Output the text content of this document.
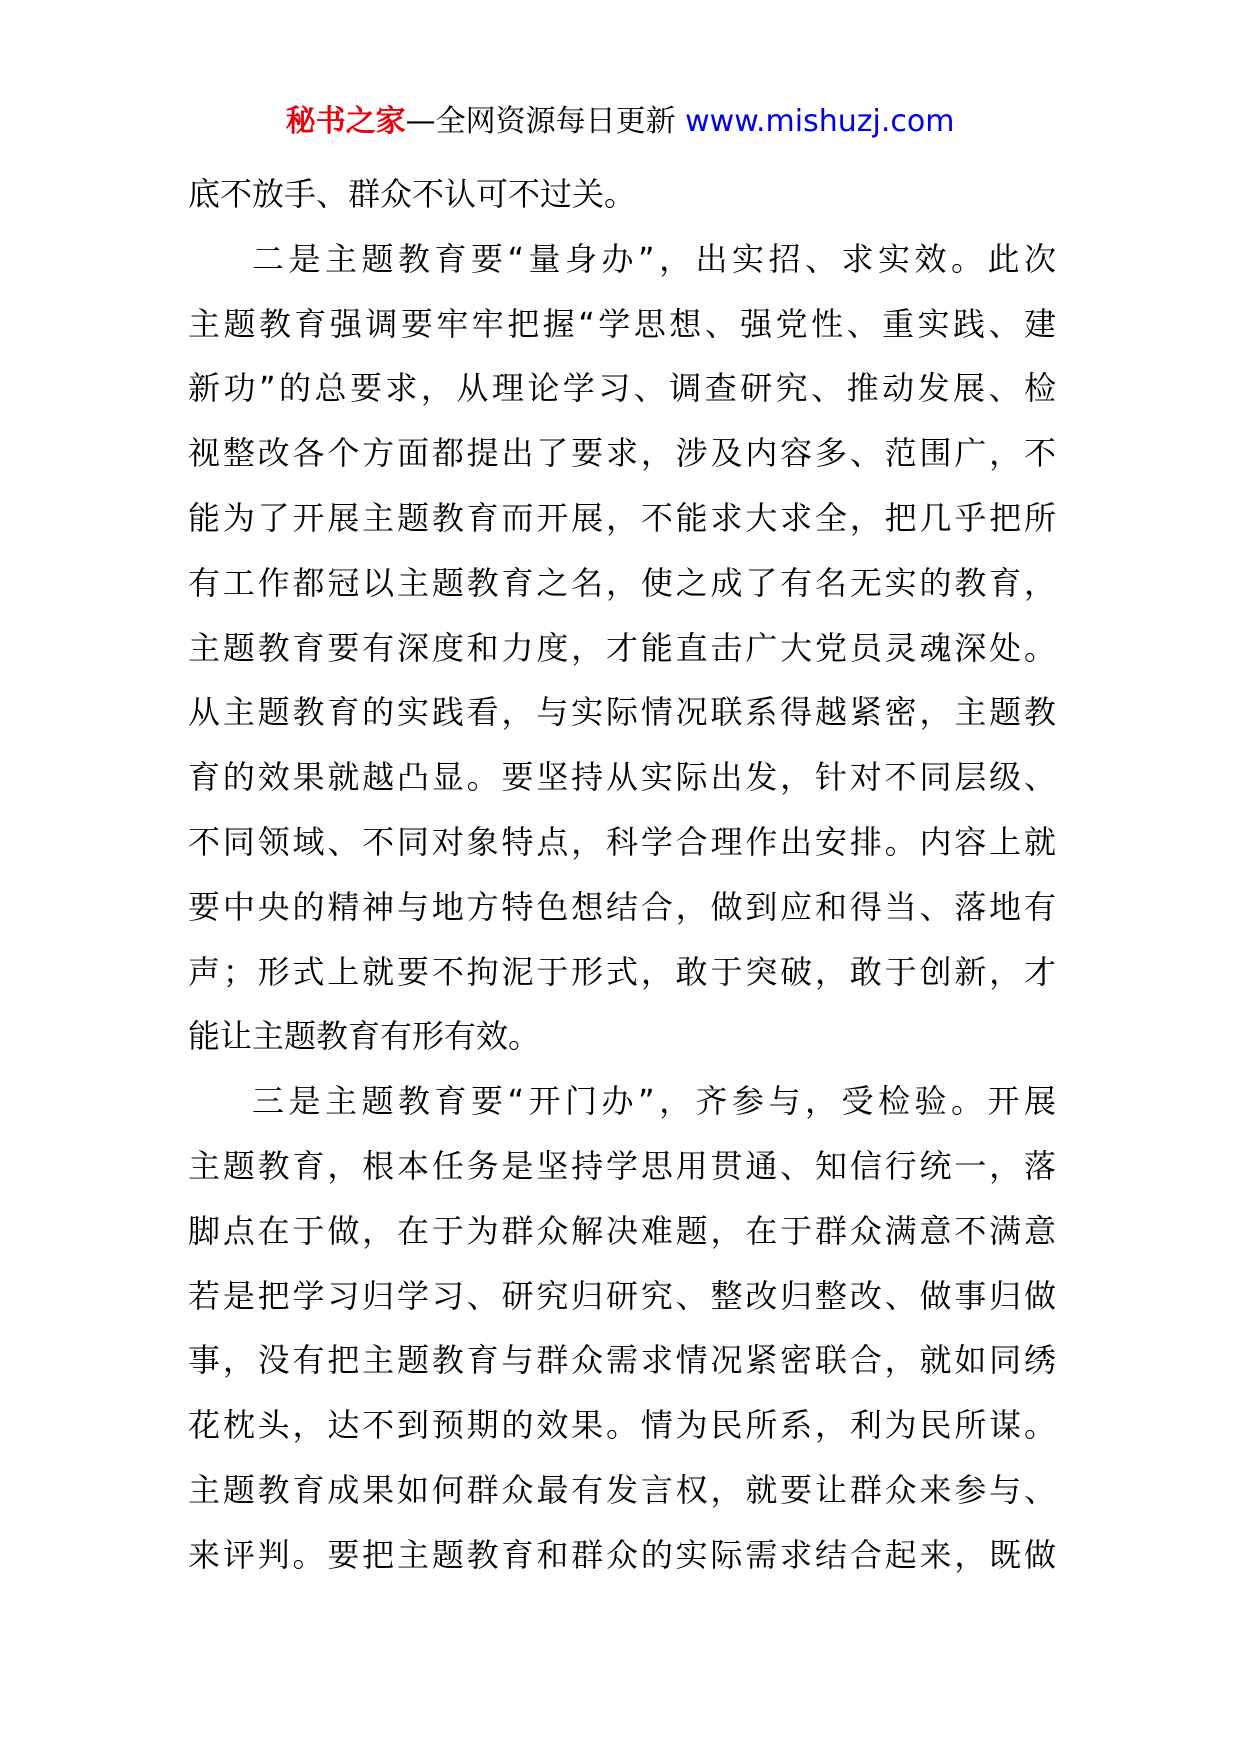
秘书之家—全网资源每日更新 www.mishuzj.com
底不放手、群众不认可不过关。
二是主题教育要“量身办”，出实招、求实效。此次
主题教育强调要牢牢把握“学思想、强党性、重实践、建
新功”的总要求，从理论学习、调查研究、推动发展、检
视整改各个方面都提出了要求，涉及内容多、范围广，不
能为了开展主题教育而开展，不能求大求全，把几乎把所
有工作都冠以主题教育之名，使之成了有名无实的教育，
主题教育要有深度和力度，才能直击广大党员灵魂深处。
从主题教育的实践看，与实际情况联系得越紧密，主题教
育的效果就越凸显。要坚持从实际出发，针对不同层级、
不同领域、不同对象特点，科学合理作出安排。内容上就
要中央的精神与地方特色想结合，做到应和得当、落地有
声；形式上就要不拘泥于形式，敢于突破，敢于创新，才
能让主题教育有形有效。
三是主题教育要“开门办”，齐参与，受检验。开展
主题教育，根本任务是坚持学思用贯通、知信行统一，落
脚点在于做，在于为群众解决难题，在于群众满意不满意
若是把学习归学习、研究归研究、整改归整改、做事归做
事，没有把主题教育与群众需求情况紧密联合，就如同绣
花枕头，达不到预期的效果。情为民所系，利为民所谋。
主题教育成果如何群众最有发言权，就要让群众来参与、
来评判。要把主题教育和群众的实际需求结合起来，既做
